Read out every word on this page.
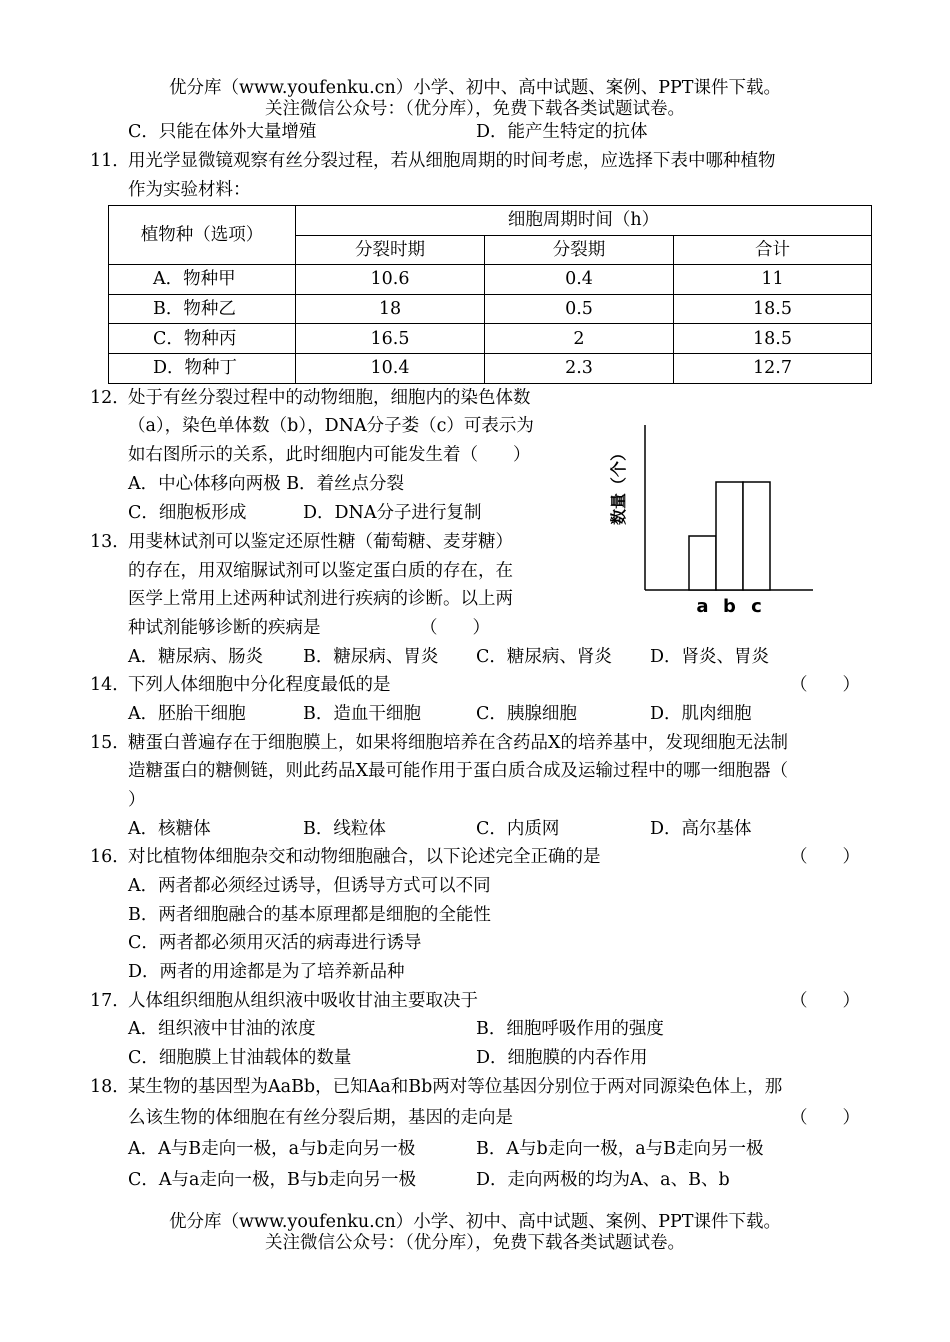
优分库（www.youfenku.cn）小学、初中、高中试题、案例、PPT课件下载。
关注微信公众号：（优分库），免费下载各类试题试卷。
C．只能在体外大量增殖	D．能产生特定的抗体
11．
用光学显微镜观察有丝分裂过程，若从细胞周期的时间考虑，应选择下表中哪种植物
作为实验材料：
植物种（选项）	细胞周期时间（h）		
	分裂时期	分裂期	合计
A．物种甲	10.6	0.4	11
B．物种乙	18	0.5	18.5
C．物种丙	16.5	2	18.5
D．物种丁	10.4	2.3	12.7
12．
处于有丝分裂过程中的动物细胞，细胞内的染色体数
（a），染色单体数（b），DNA分子娄（c）可表示为
如右图所示的关系，此时细胞内可能发生着（　　）
A．中心体移向两极 B．着丝点分裂
C．细胞板形成	D．DNA分子进行复制
a b c
数量（个）
13．
用斐林试剂可以鉴定还原性糖（葡萄糖、麦芽糖）
的存在，用双缩脲试剂可以鉴定蛋白质的存在，在
医学上常用上述两种试剂进行疾病的诊断。以上两
种试剂能够诊断的疾病是	（　　）
A．糖尿病、肠炎 B．糖尿病、胃炎 C．糖尿病、肾炎 D．肾炎、胃炎
14．
下列人体细胞中分化程度最低的是	（　　）
A．胚胎干细胞	B．造血干细胞	C．胰腺细胞	D．肌肉细胞
15．
糖蛋白普遍存在于细胞膜上，如果将细胞培养在含药品X的培养基中，发现细胞无法制
造糖蛋白的糖侧链，则此药品X最可能作用于蛋白质合成及运输过程中的哪一细胞器（
）
A．核糖体	B．线粒体	C．内质网	D．高尔基体
16．
对比植物体细胞杂交和动物细胞融合，以下论述完全正确的是	（　　）
A．两者都必须经过诱导，但诱导方式可以不同
B．两者细胞融合的基本原理都是细胞的全能性
C．两者都必须用灭活的病毒进行诱导
D．两者的用途都是为了培养新品种
17．
人体组织细胞从组织液中吸收甘油主要取决于	（　　）
A．组织液中甘油的浓度	B．细胞呼吸作用的强度
C．细胞膜上甘油载体的数量	D．细胞膜的内吞作用
18．
某生物的基因型为AaBb，已知Aa和Bb两对等位基因分别位于两对同源染色体上，那
么该生物的体细胞在有丝分裂后期，基因的走向是	（　　）
A．A与B走向一极，a与b走向另一极	B．A与b走向一极，a与B走向另一极
C．A与a走向一极，B与b走向另一极	D．走向两极的均为A、a、B、b
优分库（www.youfenku.cn）小学、初中、高中试题、案例、PPT课件下载。
关注微信公众号：（优分库），免费下载各类试题试卷。
